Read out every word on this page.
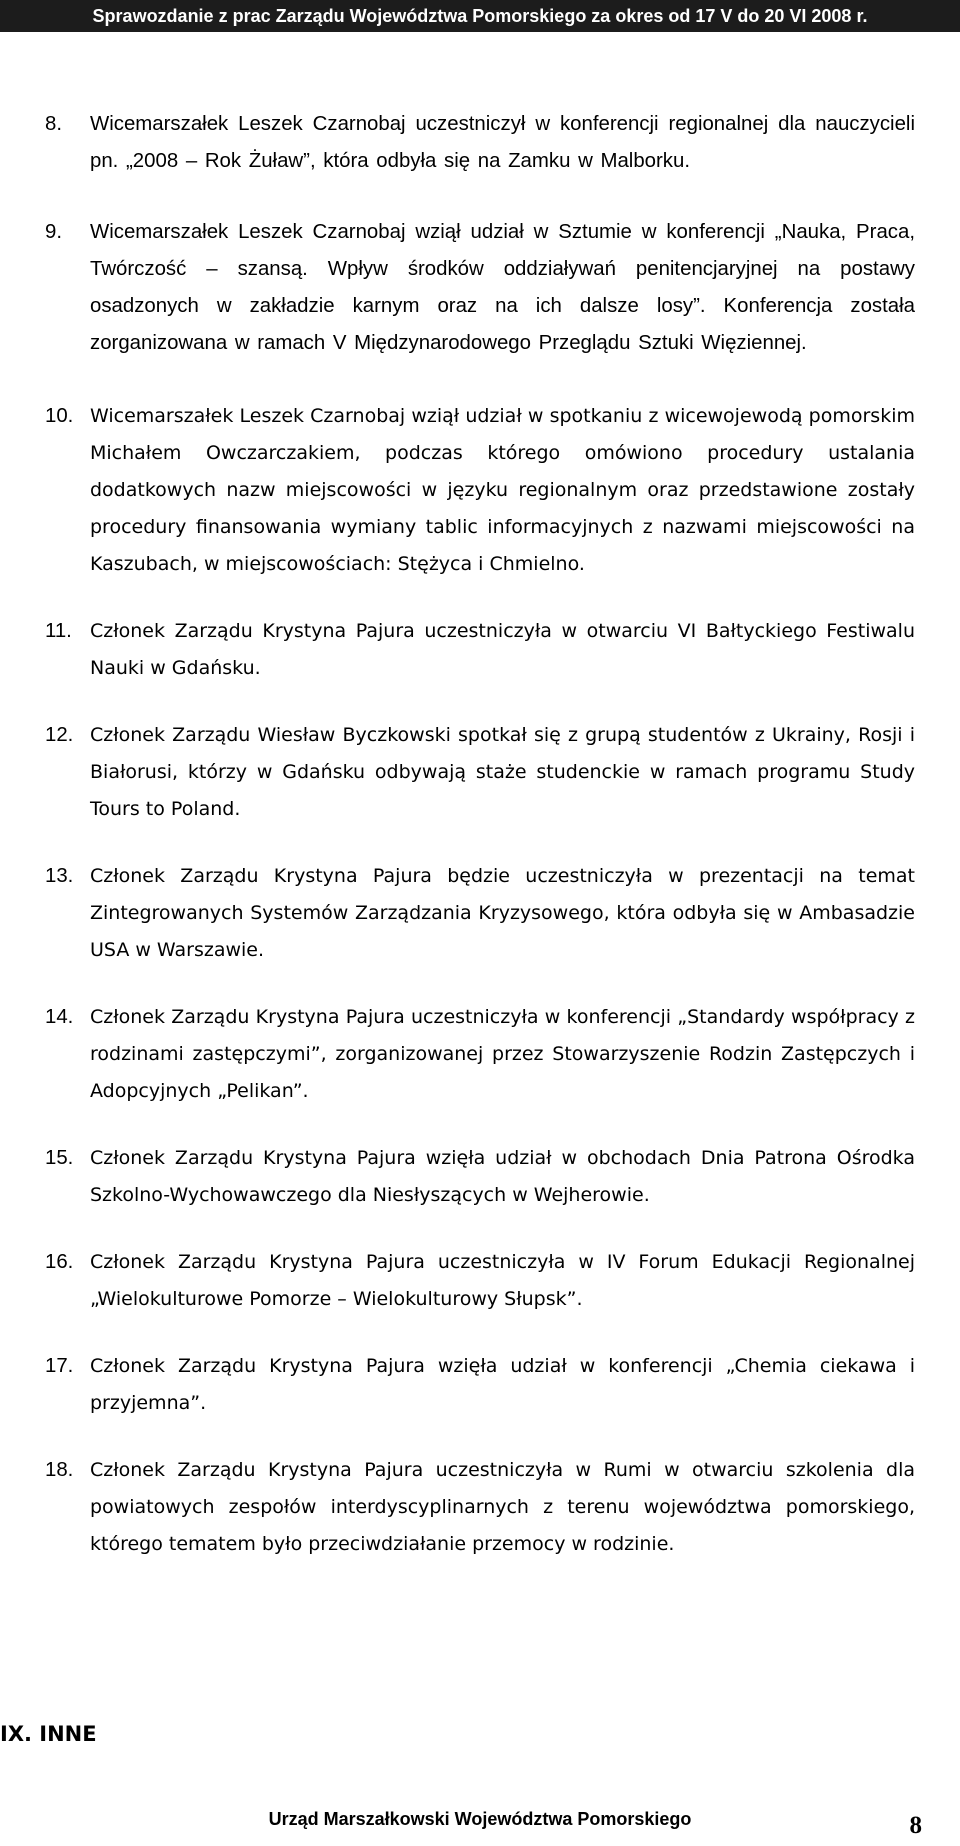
Sprawozdanie z prac Zarządu Województwa Pomorskiego za okres od 17 V do 20 VI 2008 r.
8. Wicemarszałek Leszek Czarnobaj uczestniczył w konferencji regionalnej dla nauczycieli pn. „2008 – Rok Żuław”, która odbyła się na Zamku w Malborku.
9. Wicemarszałek Leszek Czarnobaj wziął udział w Sztumie w konferencji „Nauka, Praca, Twórczość – szansą. Wpływ środków oddziaływań penitencjaryjnej na postawy osadzonych w zakładzie karnym oraz na ich dalsze losy”. Konferencja została zorganizowana w ramach V Międzynarodowego Przeglądu Sztuki Więziennej.
10. Wicemarszałek Leszek Czarnobaj wziął udział w spotkaniu z wicewojewodą pomorskim Michałem Owczarczakiem, podczas którego omówiono procedury ustalania dodatkowych nazw miejscowości w języku regionalnym oraz przedstawione zostały procedury finansowania wymiany tablic informacyjnych z nazwami miejscowości na Kaszubach, w miejscowościach: Stężyca i Chmielno.
11. Członek Zarządu Krystyna Pajura uczestniczyła w otwarciu VI Bałtyckiego Festiwalu Nauki w Gdańsku.
12. Członek Zarządu Wiesław Byczkowski spotkał się z grupą studentów z Ukrainy, Rosji i Białorusi, którzy w Gdańsku odbywają staże studenckie w ramach programu Study Tours to Poland.
13. Członek Zarządu Krystyna Pajura będzie uczestniczyła w prezentacji na temat Zintegrowanych Systemów Zarządzania Kryzysowego, która odbyła się w Ambasadzie USA w Warszawie.
14. Członek Zarządu Krystyna Pajura uczestniczyła w konferencji „Standardy współpracy z rodzinami zastępczymi”, zorganizowanej przez Stowarzyszenie Rodzin Zastępczych i Adopcyjnych „Pelikan”.
15. Członek Zarządu Krystyna Pajura wzięła udział w obchodach Dnia Patrona Ośrodka Szkolno-Wychowawczego dla Niesłyszących w Wejherowie.
16. Członek Zarządu Krystyna Pajura uczestniczyła w IV Forum Edukacji Regionalnej „Wielokulturowe Pomorze – Wielokulturowy Słupsk”.
17. Członek Zarządu Krystyna Pajura wzięła udział w konferencji „Chemia ciekawa i przyjemna”.
18. Członek Zarządu Krystyna Pajura uczestniczyła w Rumi w otwarciu szkolenia dla powiatowych zespołów interdyscyplinarnych z terenu województwa pomorskiego, którego tematem było przeciwdziałanie przemocy w rodzinie.
IX. INNE
Urząd Marszałkowski Województwa Pomorskiego	8
